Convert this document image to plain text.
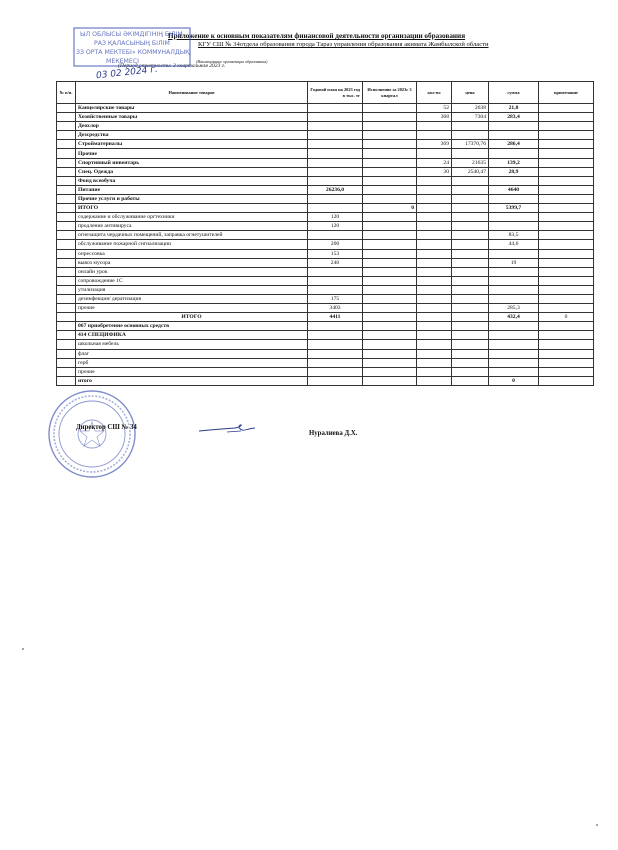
Приложение к основным показателям финансовой деятельности организации образования
КГУ СШ № 34отдела образования города Тараз управления образования акимата Жамбылской области
(Наименование организации образования)
(Период отчетности: 3 квартальная 2023 г.
ЫЛ ОБЛЫСЫ ӘКІМДІГІНІҢ БІЛІМ
РАЗ ҚАЛАСЫНЫҢ БІЛІМ
ЗЗ ОРТА МЕКТЕБІ» КОММУНАЛДЫҚ
МЕКЕМЕСІ
03 02 2024 г.
№ п/п.	Наименование товаров	Годовой план на 2023 год в тыс. тг	Исполнение за 2023г 3 квартал	кол-во	цена	сумма	примечание
	Канцелярские товары			52	2638	21,8	
	Хозяйственные товары			368	7304	283,4	
	Деохлор						
	Дезсредства						
	Стройматериалы			369	17370,76	286,4	
	Прочие						
	Спортивный инвентарь			24	21635	139,2	
	Спец. Одежда			30	2540,47	28,9	
	Фонд всеобуча						
	Питание	26236,0				4640	
	Прочие услуги и работы						
	ИТОГО		0			5399,7	
	содержание и обслуживание оргтехники	120					
	продление антивируса	120					
	огнезащита чердачных помещений, заправка огнетушителей					83,5	
	обслуживание пожарной сигнализации	200				44,6	
	опрессовка	153					
	вывоз мусора	240				19	
	онлайн урок						
	сопровождение 1С						
	утилизация						
	дезинфекция/ дератизация	175					
	прочие	3403				285,3	
	ИТОГО	4411				432,4	0
	067 приобретение основных средств						
	414 СПЕЦИФИКА						
	школьная мебель						
	флаг						
	герб						
	прочие						
	итого					0	
Директор СШ № 34
Нуралиева Д.Х.
